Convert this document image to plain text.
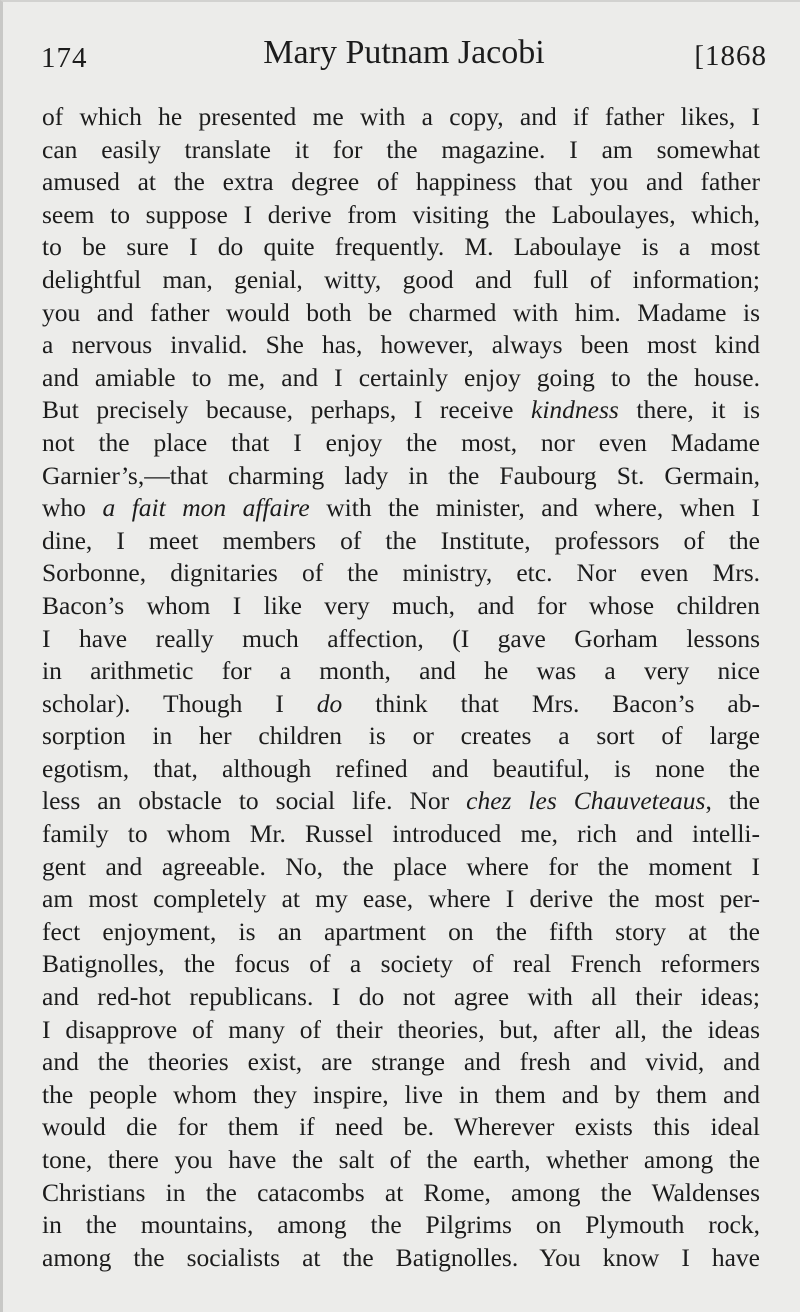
174	Mary Putnam Jacobi	[1868
of which he presented me with a copy, and if father likes, I
can easily translate it for the magazine. I am somewhat
amused at the extra degree of happiness that you and father
seem to suppose I derive from visiting the Laboulayes, which,
to be sure I do quite frequently. M. Laboulaye is a most
delightful man, genial, witty, good and full of information;
you and father would both be charmed with him. Madame is
a nervous invalid. She has, however, always been most kind
and amiable to me, and I certainly enjoy going to the house.
But precisely because, perhaps, I receive kindness there, it is
not the place that I enjoy the most, nor even Madame
Garnier’s,—that charming lady in the Faubourg St. Germain,
who a fait mon affaire with the minister, and where, when I
dine, I meet members of the Institute, professors of the
Sorbonne, dignitaries of the ministry, etc. Nor even Mrs.
Bacon’s whom I like very much, and for whose children
I have really much affection, (I gave Gorham lessons
in arithmetic for a month, and he was a very nice
scholar). Though I do think that Mrs. Bacon’s ab-
sorption in her children is or creates a sort of large
egotism, that, although refined and beautiful, is none the
less an obstacle to social life. Nor chez les Chauveteaus, the
family to whom Mr. Russel introduced me, rich and intelli-
gent and agreeable. No, the place where for the moment I
am most completely at my ease, where I derive the most per-
fect enjoyment, is an apartment on the fifth story at the
Batignolles, the focus of a society of real French reformers
and red-hot republicans. I do not agree with all their ideas;
I disapprove of many of their theories, but, after all, the ideas
and the theories exist, are strange and fresh and vivid, and
the people whom they inspire, live in them and by them and
would die for them if need be. Wherever exists this ideal
tone, there you have the salt of the earth, whether among the
Christians in the catacombs at Rome, among the Waldenses
in the mountains, among the Pilgrims on Plymouth rock,
among the socialists at the Batignolles. You know I have
